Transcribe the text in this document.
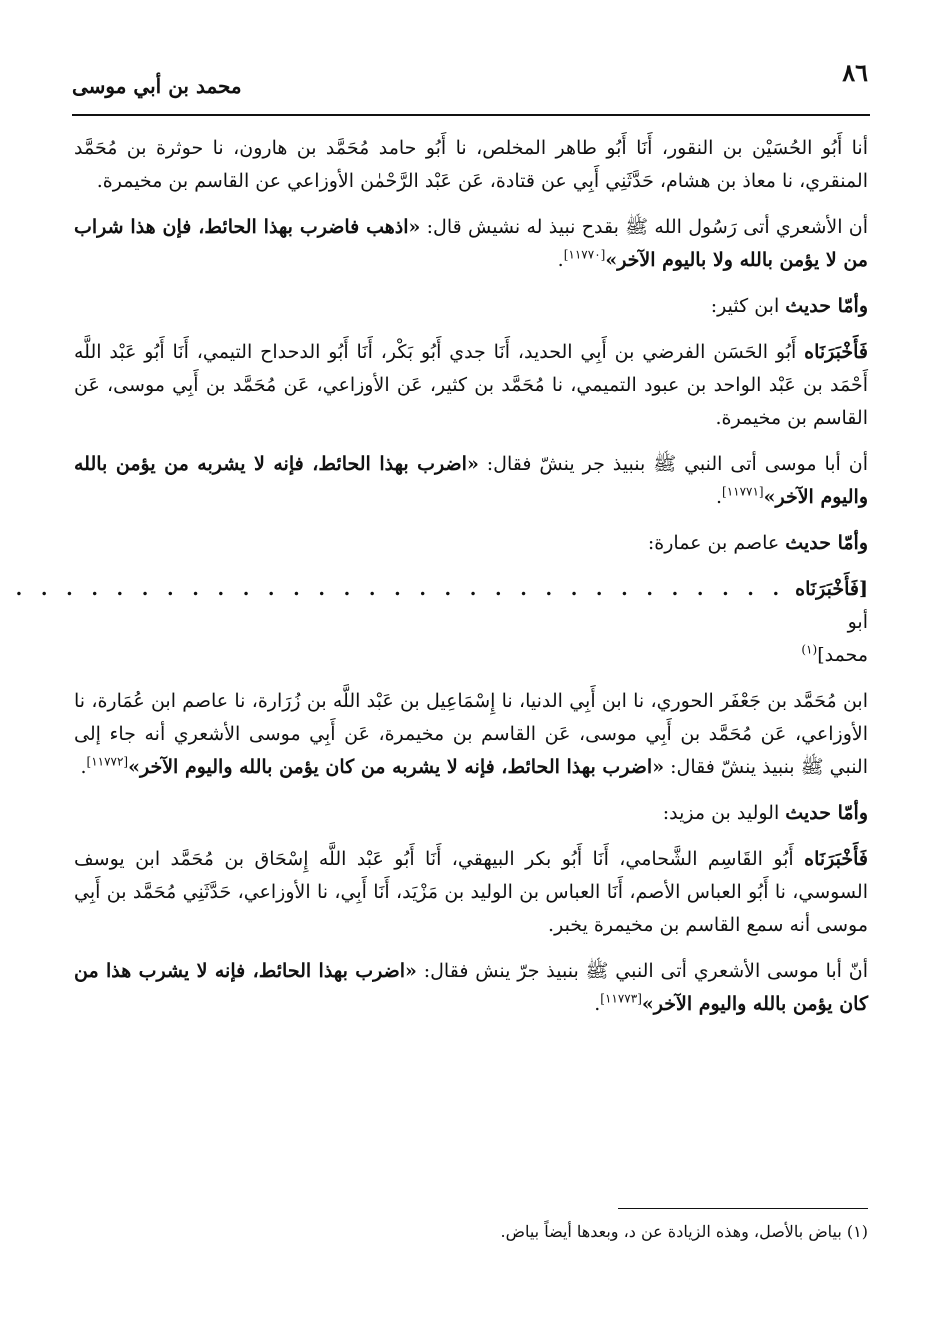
٨٦
محمد بن أبي موسى

أنا أَبُو الحُسَيْن بن النقور، أَنَا أَبُو طاهر المخلص، نا أَبُو حامد مُحَمَّد بن هارون، نا حوثرة بن مُحَمَّد المنقري، نا معاذ بن هشام، حَدَّثَنِي أَبِي عن قتادة، عَن عَبْد الرَّحْمٰن الأوزاعي عن القاسم بن مخيمرة.

أن الأشعري أتى رَسُول الله ﷺ بقدح نبيذ له نشيش قال: «اذهب فاضرب بهذا الحائط، فإن هذا شراب من لا يؤمن بالله ولا باليوم الآخر»[١١٧٧٠].

وأمّا حديث ابن كثير:

فَأَخْبَرَنَاه أَبُو الحَسَن الفرضي بن أَبِي الحديد، أَنَا جدي أَبُو بَكْر، أَنَا أَبُو الدحداح التيمي، أَنَا أَبُو عَبْد اللَّه أَحْمَد بن عَبْد الواحد بن عبود التميمي، نا مُحَمَّد بن كثير، عَن الأوزاعي، عَن مُحَمَّد بن أَبِي موسى، عَن القاسم بن مخيمرة.

أن أبا موسى أتى النبي ﷺ بنبيذ جر ينشّ فقال: «اضرب بهذا الحائط، فإنه لا يشربه من يؤمن بالله واليوم الآخر»[١١٧٧١].

وأمّا حديث عاصم بن عمارة:

[فَأَخْبَرَنَاه أبو محمد]$^{(١)}$
. . . . . . . . . . . . . . . . . . . . . . . . . . . . . . .

ابن مُحَمَّد بن جَعْفَر الحوري، نا ابن أَبِي الدنيا، نا إِسْمَاعِيل بن عَبْد اللَّه بن زُرَارة، نا عاصم ابن عُمَارة، نا الأوزاعي، عَن مُحَمَّد بن أَبِي موسى، عَن القاسم بن مخيمرة، عَن أَبِي موسى الأشعري أنه جاء إلى النبي ﷺ بنبيذ ينشّ فقال: «اضرب بهذا الحائط، فإنه لا يشربه من كان يؤمن بالله واليوم الآخر»[١١٧٧٢].

وأمّا حديث الوليد بن مزيد:

فَأَخْبَرَنَاه أَبُو القَاسِم الشَّحامي، أَنَا أَبُو بكر البيهقي، أَنَا أَبُو عَبْد اللَّه إِسْحَاق بن مُحَمَّد ابن يوسف السوسي، نا أَبُو العباس الأصم، أَنَا العباس بن الوليد بن مَزْيَد، أَنَا أَبِي، نا الأوزاعي، حَدَّثَنِي مُحَمَّد بن أَبِي موسى أنه سمع القاسم بن مخيمرة يخبر.

أنّ أبا موسى الأشعري أتى النبي ﷺ بنبيذ جرّ ينش فقال: «اضرب بهذا الحائط، فإنه لا يشرب هذا من كان يؤمن بالله واليوم الآخر»[١١٧٧٣].

(١) بياض بالأصل، وهذه الزيادة عن د، وبعدها أيضاً بياض.
